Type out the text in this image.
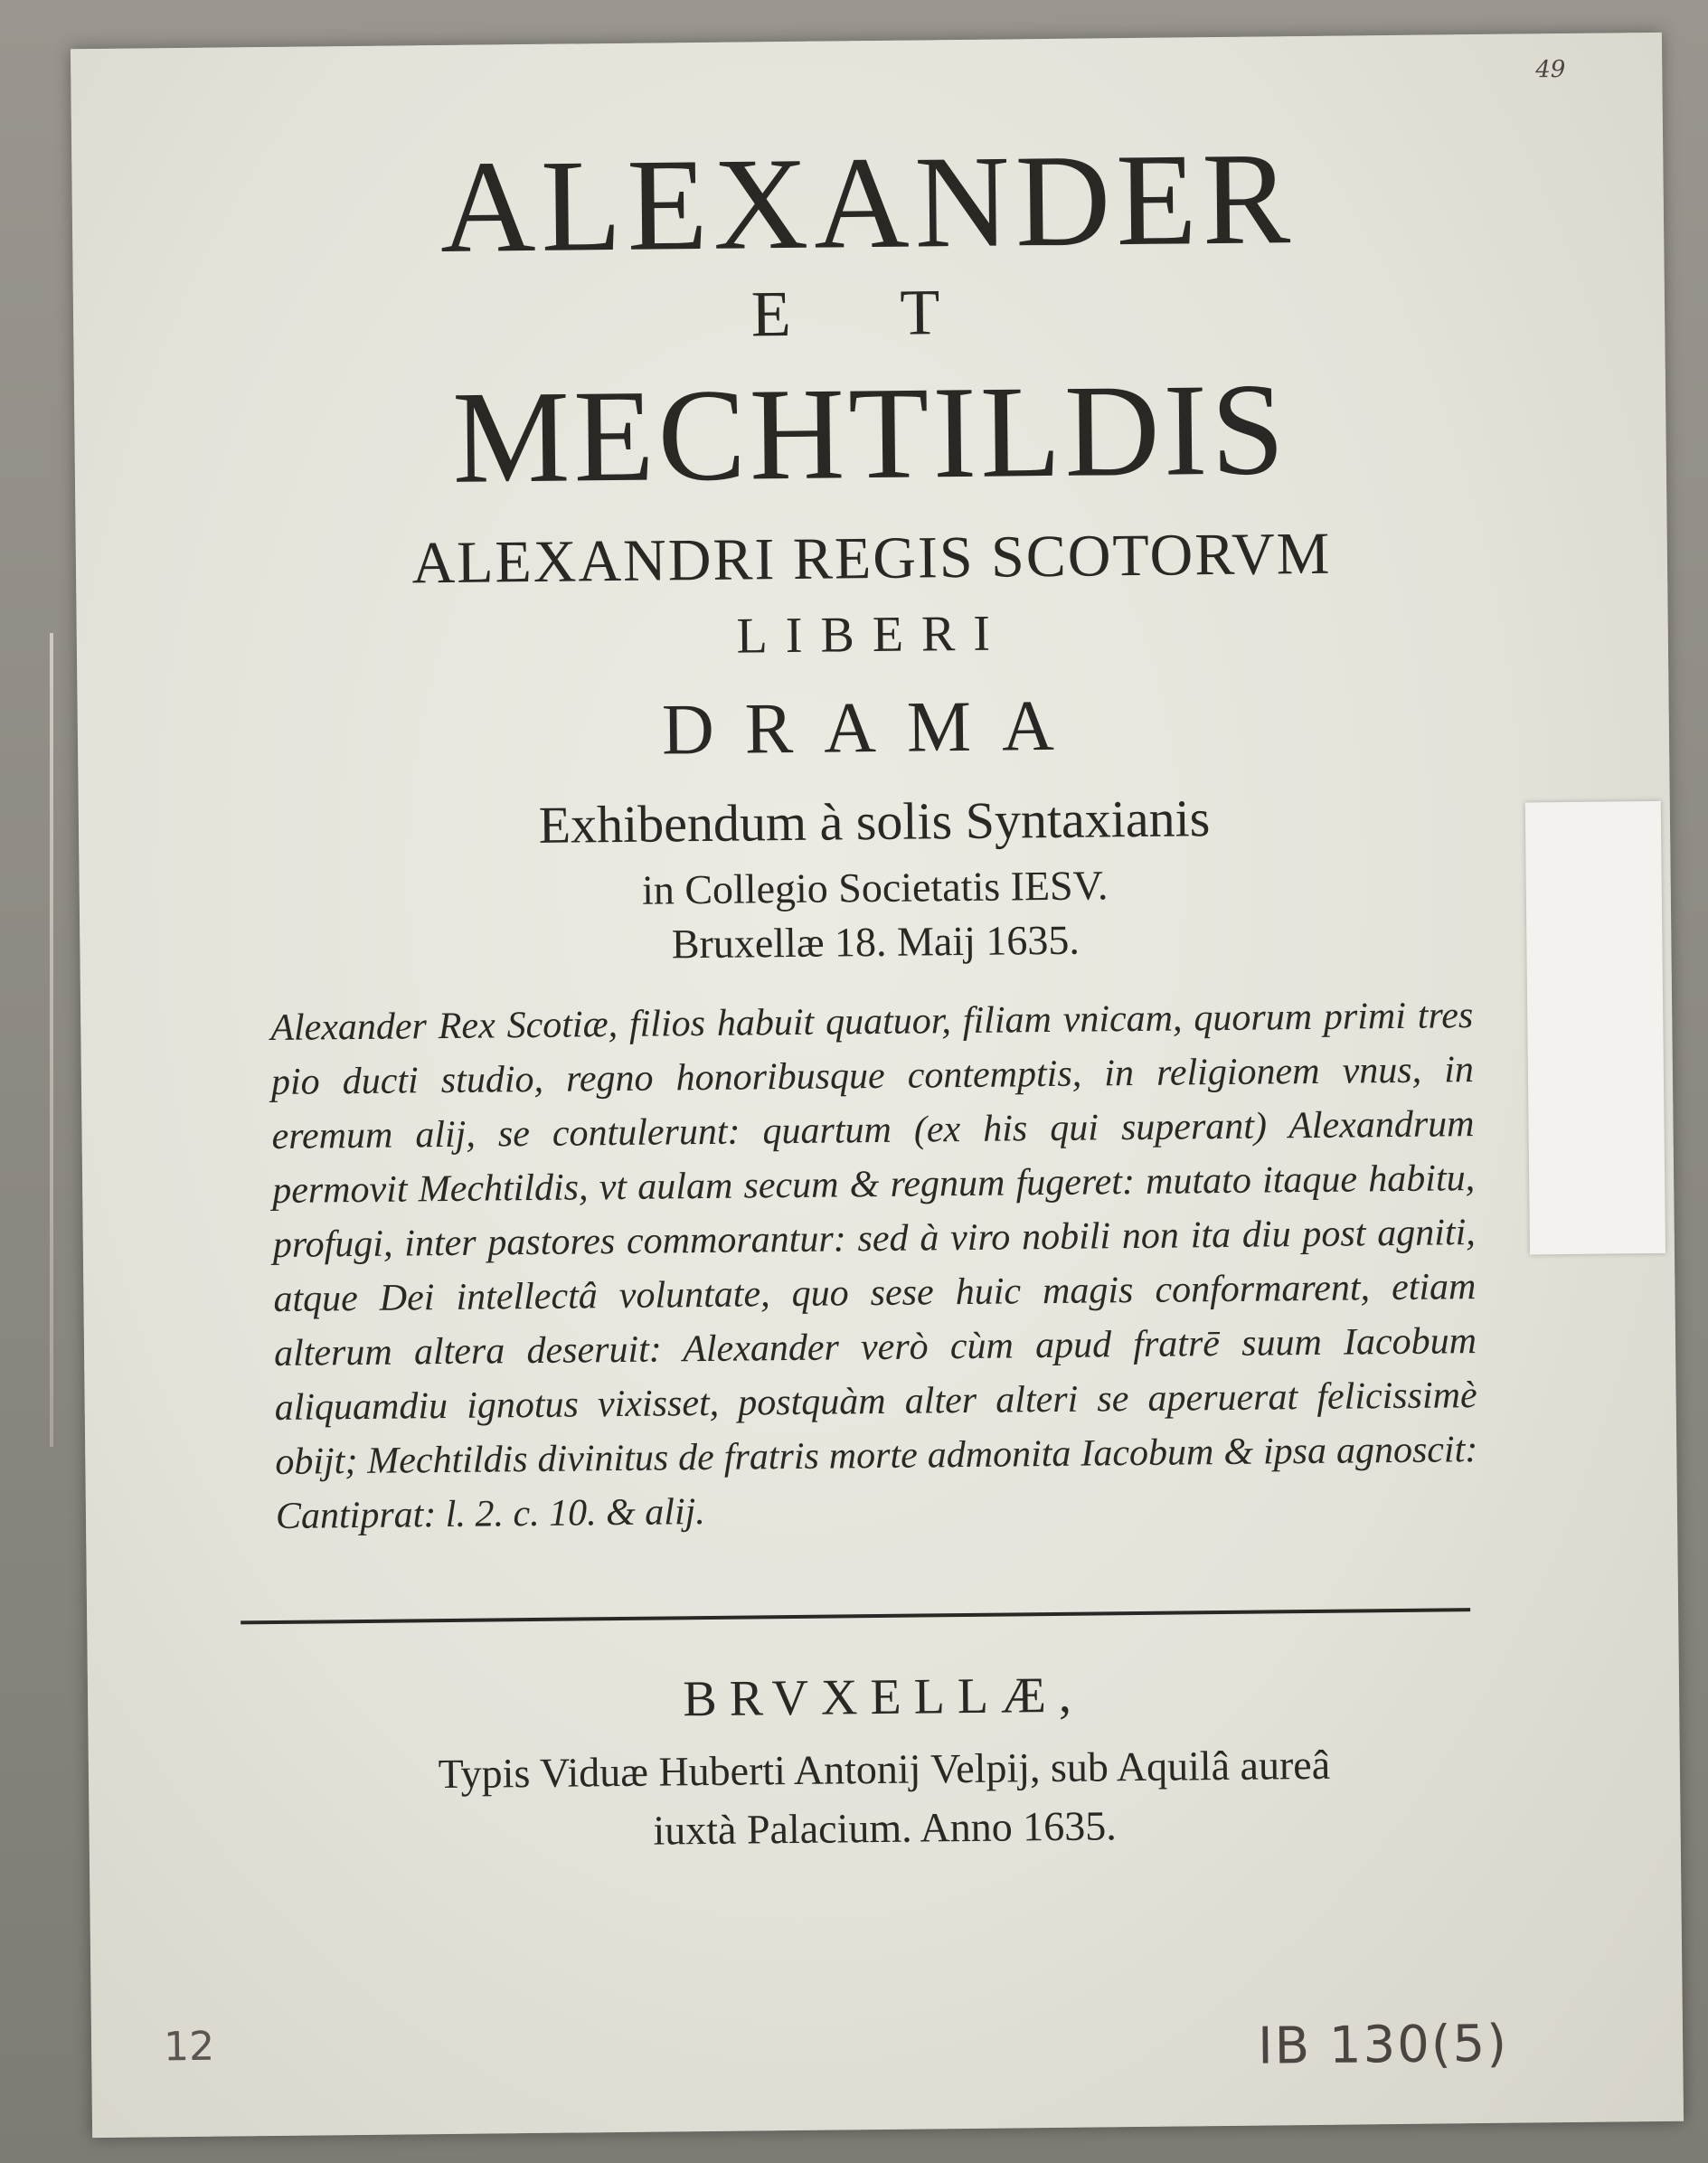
49
ALEXANDER
E T
MECHTILDIS
ALEXANDRI REGIS SCOTORVM
LIBERI
DRAMA
Exhibendum à solis Syntaxianis
in Collegio Societatis IESV.
Bruxellæ 18. Maij 1635.
Alexander Rex Scotiæ, filios habuit quatuor, filiam vnicam, quorum primi tres pio ducti studio, regno honoribusque contemptis, in religionem vnus, in eremum alij, se contulerunt: quartum (ex his qui superant) Alexandrum permovit Mechtildis, vt aulam secum & regnum fugeret: mutato itaque habitu, profugi, inter pastores commorantur: sed à viro nobili non ita diu post agniti, atque Dei intellectâ voluntate, quo sese huic magis conformarent, etiam alterum altera deseruit: Alexander verò cùm apud fratrē suum Iacobum aliquamdiu ignotus vixisset, postquàm alter alteri se aperuerat felicissimè obijt; Mechtildis divinitus de fratris morte admonita Iacobum & ipsa agnoscit: Cantiprat: l. 2. c. 10. & alij.
BRVXELLÆ,
Typis Viduæ Huberti Antonij Velpij, sub Aquilâ aureâ
iuxtà Palacium. Anno 1635.
12	IB 130(5)
